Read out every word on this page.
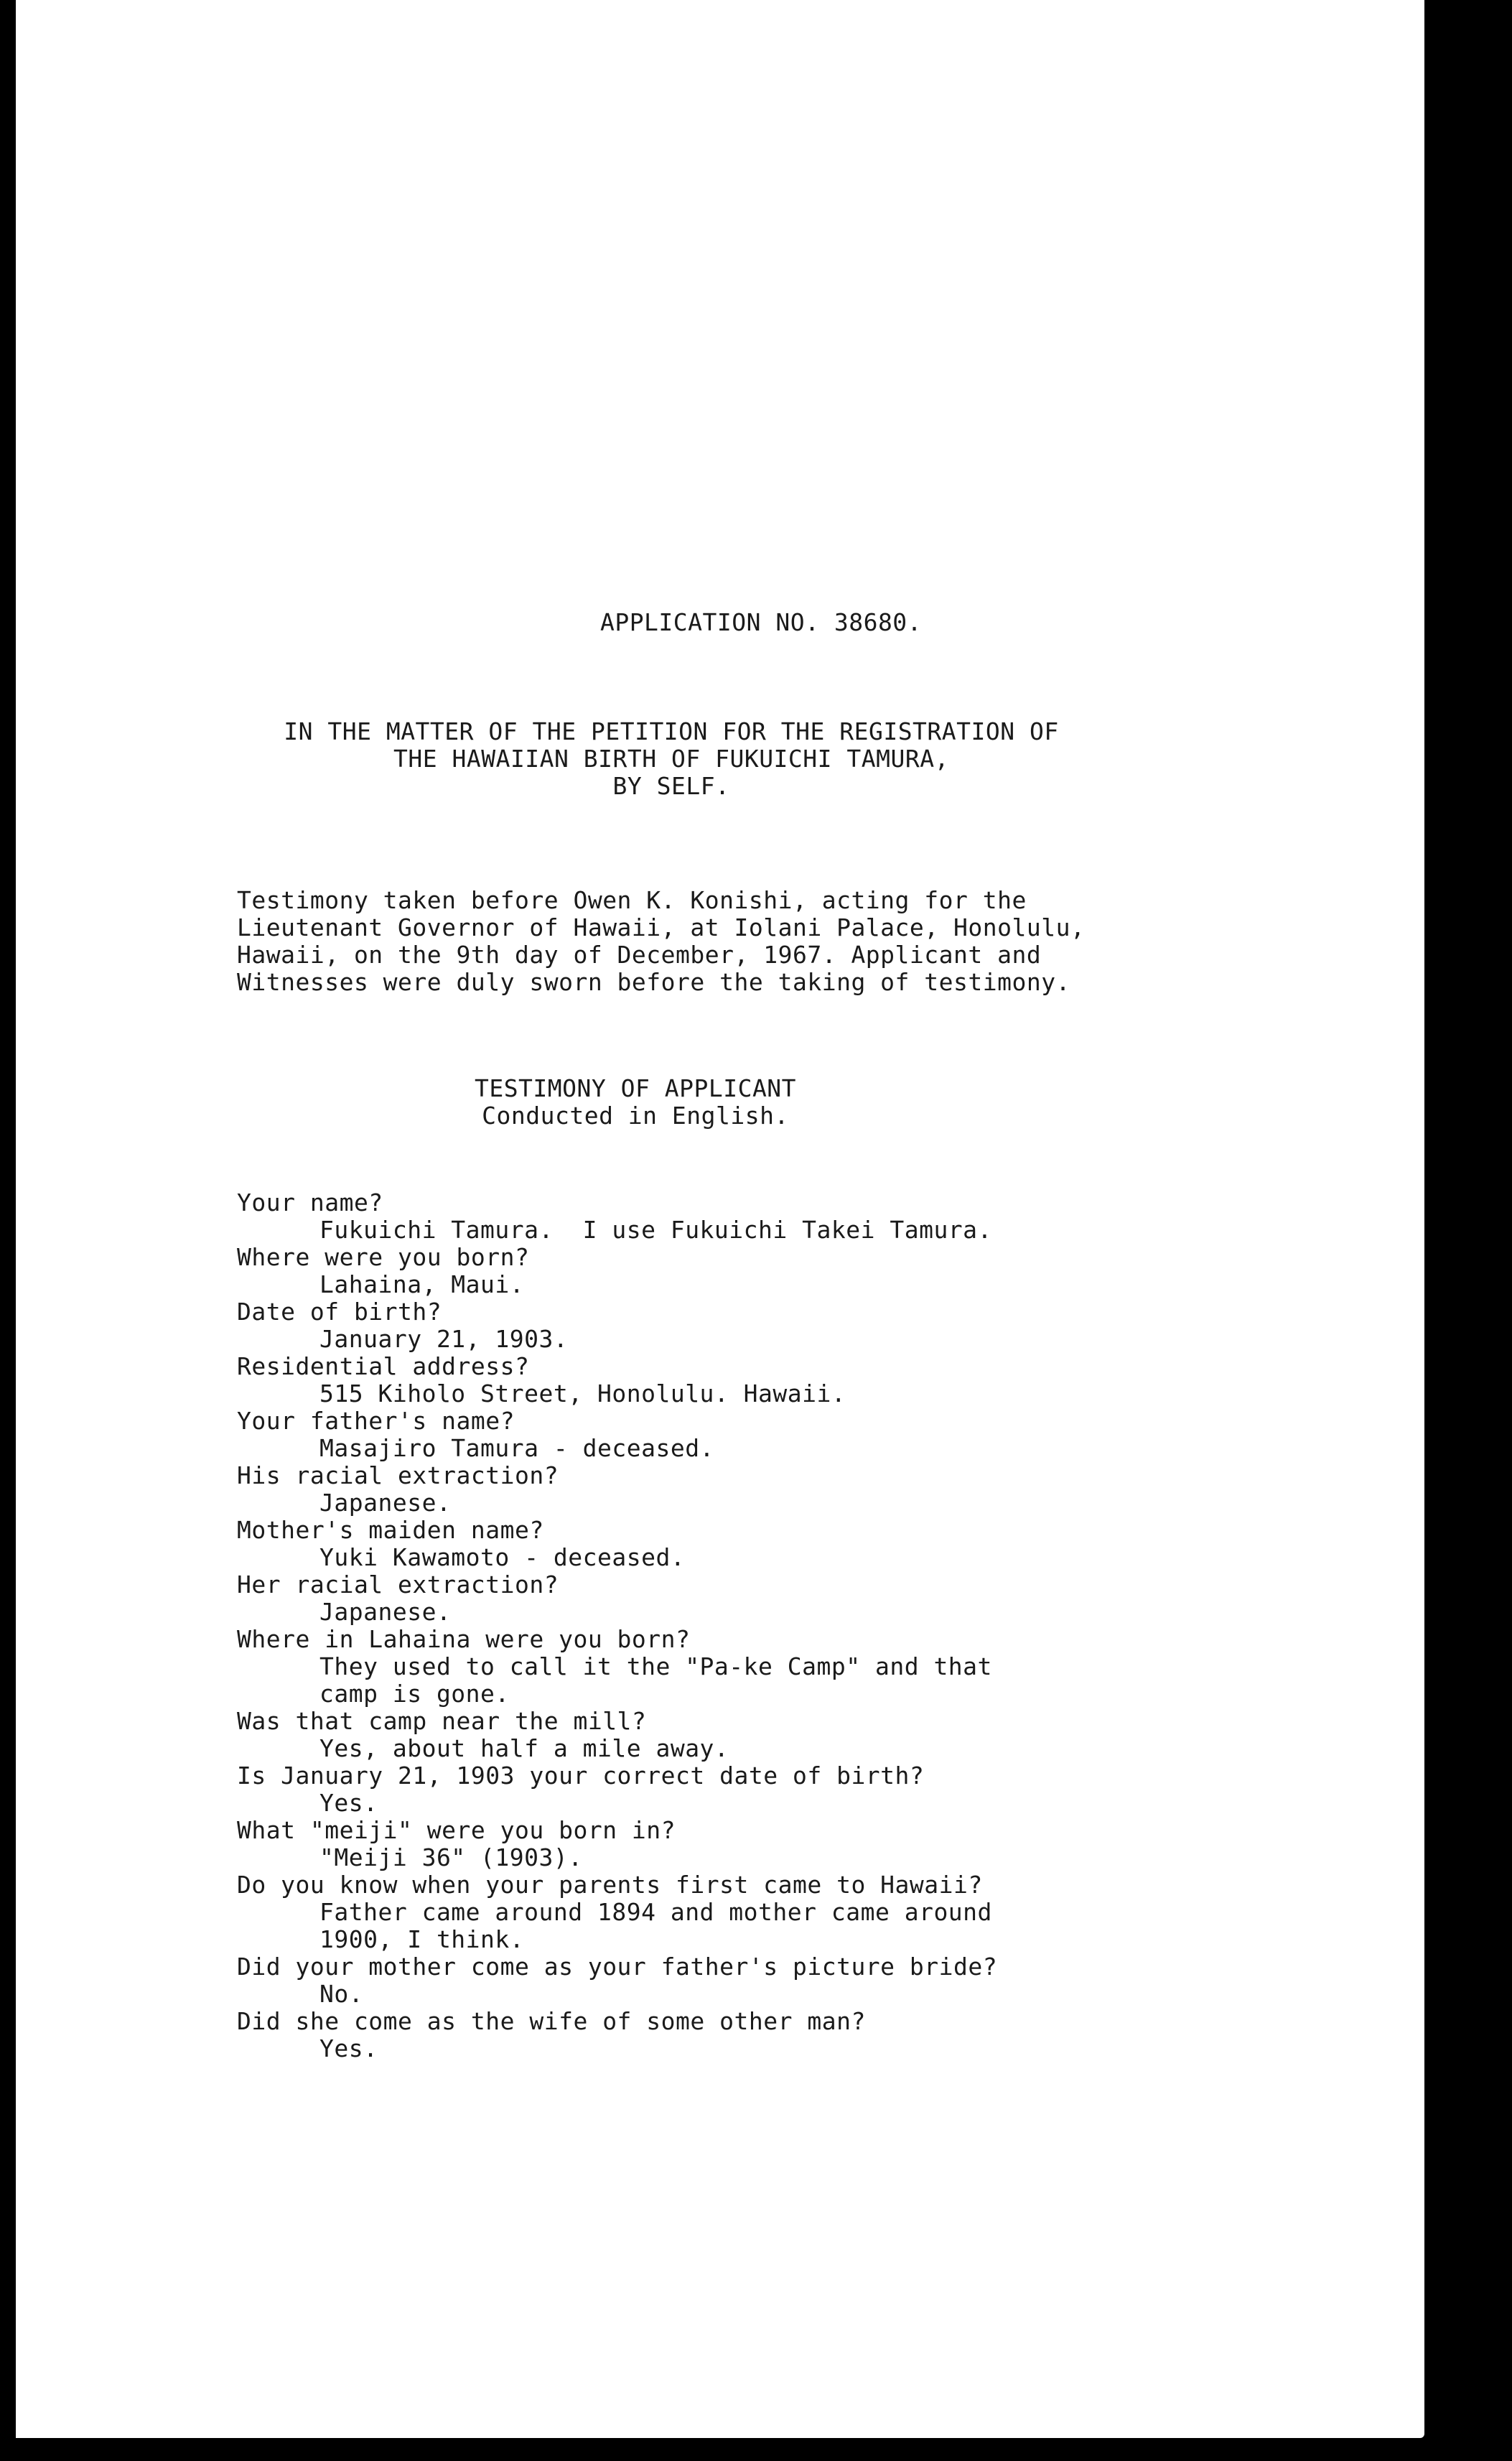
APPLICATION NO. 38680.
IN THE MATTER OF THE PETITION FOR THE REGISTRATION OF
THE HAWAIIAN BIRTH OF FUKUICHI TAMURA,
BY SELF.
Testimony taken before Owen K. Konishi, acting for the
Lieutenant Governor of Hawaii, at Iolani Palace, Honolulu,
Hawaii, on the 9th day of December, 1967. Applicant and
Witnesses were duly sworn before the taking of testimony.
TESTIMONY OF APPLICANT
Conducted in English.
Your name?
Fukuichi Tamura.  I use Fukuichi Takei Tamura.
Where were you born?
Lahaina, Maui.
Date of birth?
January 21, 1903.
Residential address?
515 Kiholo Street, Honolulu. Hawaii.
Your father's name?
Masajiro Tamura - deceased.
His racial extraction?
Japanese.
Mother's maiden name?
Yuki Kawamoto - deceased.
Her racial extraction?
Japanese.
Where in Lahaina were you born?
They used to call it the "Pa-ke Camp" and that
camp is gone.
Was that camp near the mill?
Yes, about half a mile away.
Is January 21, 1903 your correct date of birth?
Yes.
What "meiji" were you born in?
"Meiji 36" (1903).
Do you know when your parents first came to Hawaii?
Father came around 1894 and mother came around
1900, I think.
Did your mother come as your father's picture bride?
No.
Did she come as the wife of some other man?
Yes.
